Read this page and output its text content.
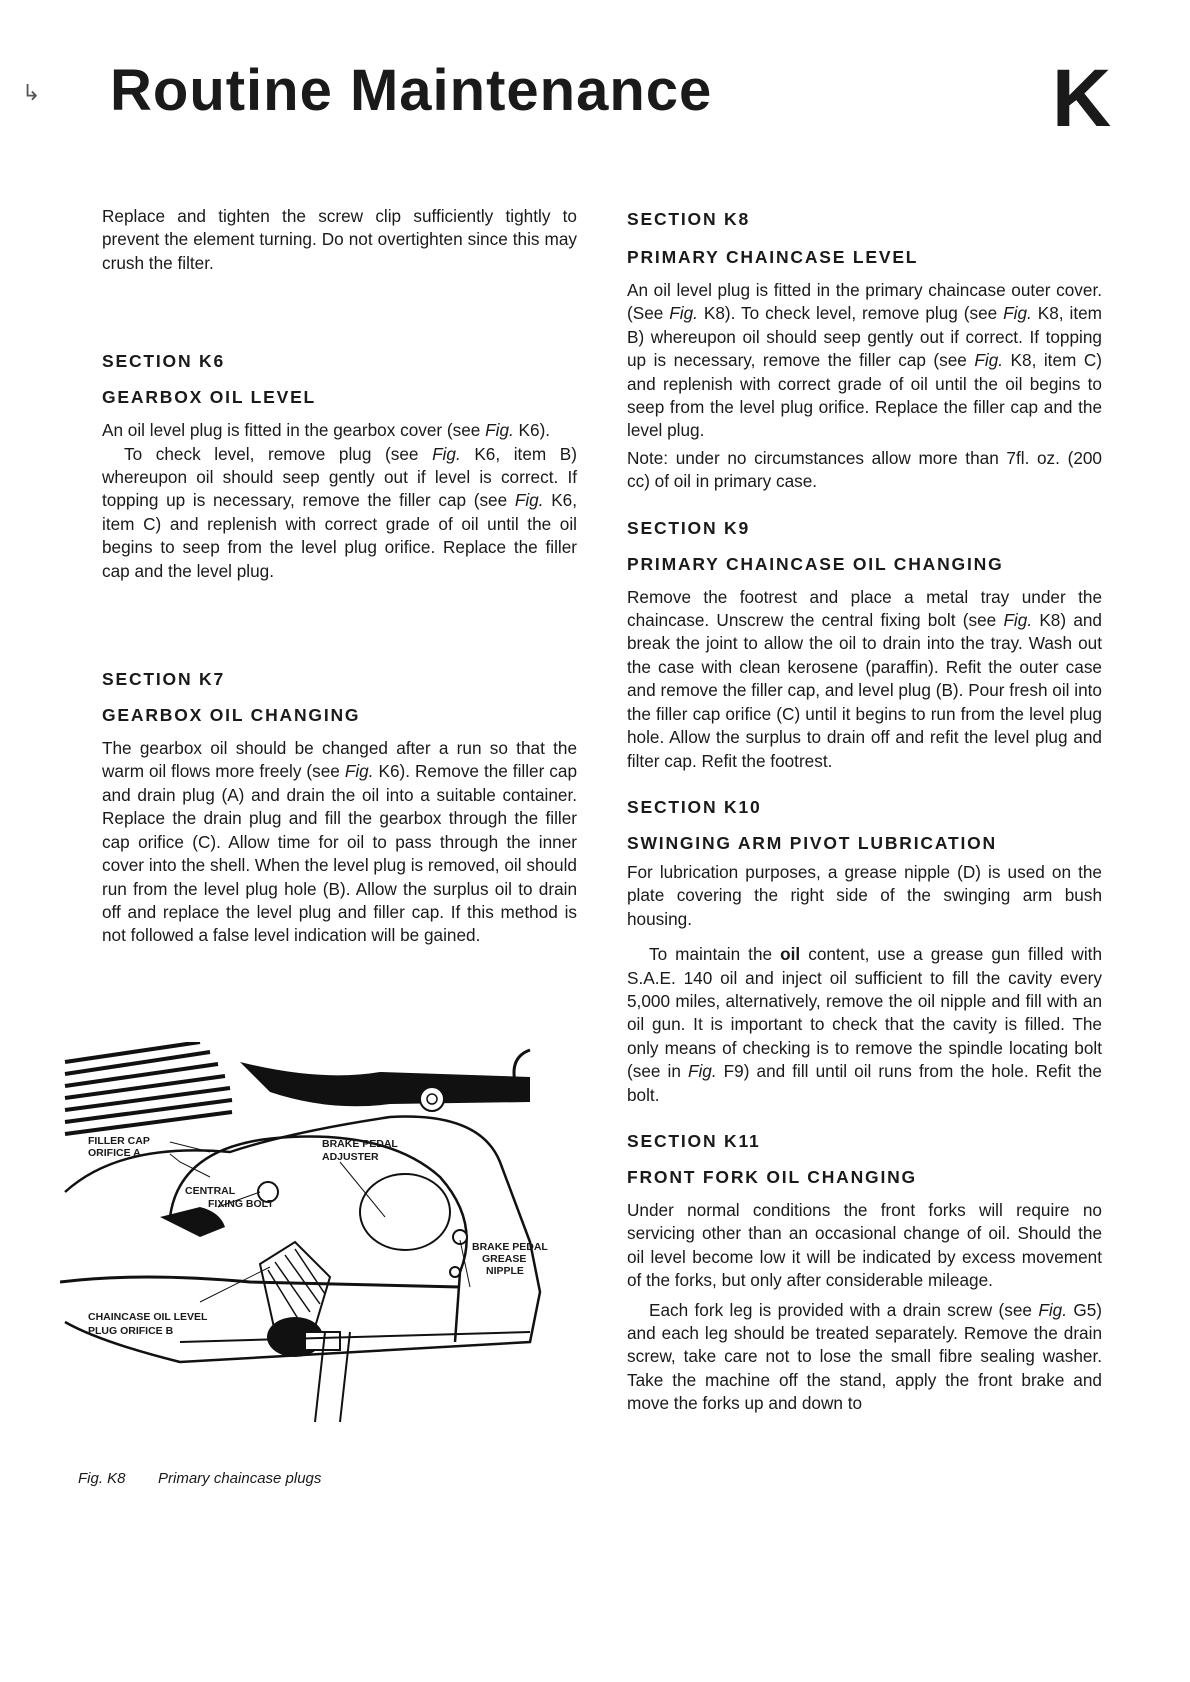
Routine Maintenance	K
↳

Replace and tighten the screw clip sufficiently tightly to prevent the element turning. Do not overtighten since this may crush the filter.

SECTION K6

GEARBOX OIL LEVEL

An oil level plug is fitted in the gearbox cover (see Fig. K6).

To check level, remove plug (see Fig. K6, item B) whereupon oil should seep gently out if level is correct. If topping up is necessary, remove the filler cap (see Fig. K6, item C) and replenish with correct grade of oil until the oil begins to seep from the level plug orifice. Replace the filler cap and the level plug.

SECTION K7

GEARBOX OIL CHANGING

The gearbox oil should be changed after a run so that the warm oil flows more freely (see Fig. K6). Remove the filler cap and drain plug (A) and drain the oil into a suitable container. Replace the drain plug and fill the gearbox through the filler cap orifice (C). Allow time for oil to pass through the inner cover into the shell. When the level plug is removed, oil should run from the level plug hole (B). Allow the surplus oil to drain off and replace the level plug and filler cap. If this method is not followed a false level indication will be gained.

FILLER CAP ORIFICE A
BRAKE PEDAL ADJUSTER
CENTRAL FIXING BOLT
BRAKE PEDAL GREASE NIPPLE
CHAINCASE OIL LEVEL PLUG ORIFICE B

Fig. K8 Primary chaincase plugs

SECTION K8

PRIMARY CHAINCASE LEVEL

An oil level plug is fitted in the primary chaincase outer cover. (See Fig. K8). To check level, remove plug (see Fig. K8, item B) whereupon oil should seep gently out if correct. If topping up is necessary, remove the filler cap (see Fig. K8, item C) and replenish with correct grade of oil until the oil begins to seep from the level plug orifice. Replace the filler cap and the level plug.

Note: under no circumstances allow more than 7fl. oz. (200 cc) of oil in primary case.

SECTION K9

PRIMARY CHAINCASE OIL CHANGING

Remove the footrest and place a metal tray under the chaincase. Unscrew the central fixing bolt (see Fig. K8) and break the joint to allow the oil to drain into the tray. Wash out the case with clean kerosene (paraffin). Refit the outer case and remove the filler cap, and level plug (B). Pour fresh oil into the filler cap orifice (C) until it begins to run from the level plug hole. Allow the surplus to drain off and refit the level plug and filter cap. Refit the footrest.

SECTION K10

SWINGING ARM PIVOT LUBRICATION

For lubrication purposes, a grease nipple (D) is used on the plate covering the right side of the swinging arm bush housing.

To maintain the oil content, use a grease gun filled with S.A.E. 140 oil and inject oil sufficient to fill the cavity every 5,000 miles, alternatively, remove the oil nipple and fill with an oil gun. It is important to check that the cavity is filled. The only means of checking is to remove the spindle locating bolt (see in Fig. F9) and fill until oil runs from the hole. Refit the bolt.

SECTION K11

FRONT FORK OIL CHANGING

Under normal conditions the front forks will require no servicing other than an occasional change of oil. Should the oil level become low it will be indicated by excess movement of the forks, but only after considerable mileage.

Each fork leg is provided with a drain screw (see Fig. G5) and each leg should be treated separately. Remove the drain screw, take care not to lose the small fibre sealing washer. Take the machine off the stand, apply the front brake and move the forks up and down to
